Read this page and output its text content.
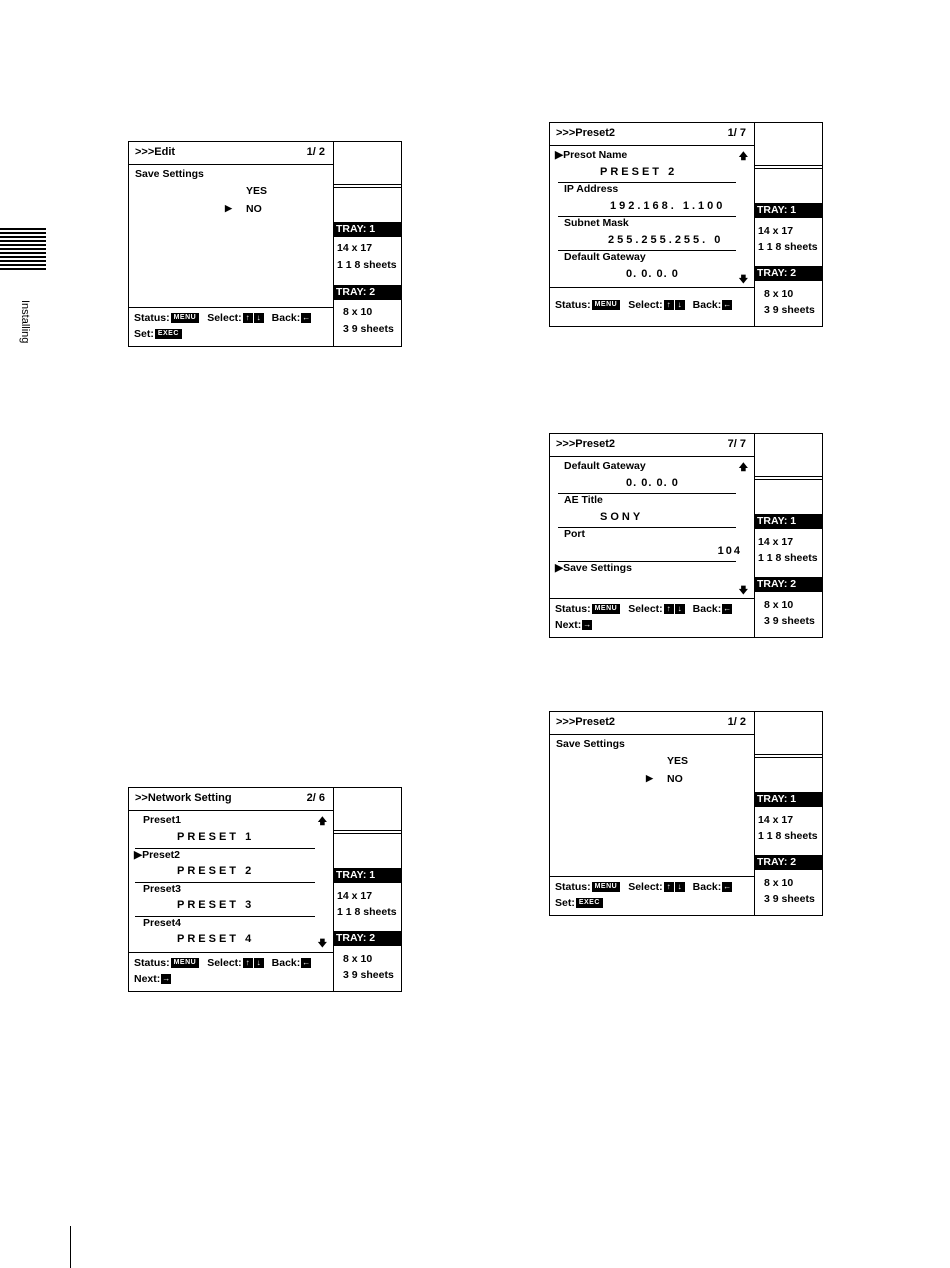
Installing
>>>Edit	1/ 2
Save Settings
YES
▶ NO
Status: MENU Select: ↑ ↓ Back: ←
Set: EXEC
TRAY: 1
14 x 17
1 1 8 sheets
TRAY: 2
8 x 10
3 9 sheets
>>Network Setting	2/ 6
Preset1
PRESET 1
▶Preset2
PRESET 2
Preset3
PRESET 3
Preset4
PRESET 4
🡅
🡇
Status: MENU Select: ↑ ↓ Back: ←
Next: →
TRAY: 1
14 x 17
1 1 8 sheets
TRAY: 2
8 x 10
3 9 sheets
>>>Preset2	1/ 7
▶Presot Name
PRESET 2
IP Address
192.168. 1.100
Subnet Mask
255.255.255. 0
Default Gateway
0. 0. 0. 0
🡅
🡇
Status: MENU Select: ↑ ↓ Back: ←
TRAY: 1
14 x 17
1 1 8 sheets
TRAY: 2
8 x 10
3 9 sheets
>>>Preset2	7/ 7
Default Gateway
0. 0. 0. 0
AE Title
SONY
Port
104
▶Save Settings
🡅
🡇
Status: MENU Select: ↑ ↓ Back: ←
Next: →
TRAY: 1
14 x 17
1 1 8 sheets
TRAY: 2
8 x 10
3 9 sheets
>>>Preset2	1/ 2
Save Settings
YES
▶ NO
Status: MENU Select: ↑ ↓ Back: ←
Set: EXEC
TRAY: 1
14 x 17
1 1 8 sheets
TRAY: 2
8 x 10
3 9 sheets
